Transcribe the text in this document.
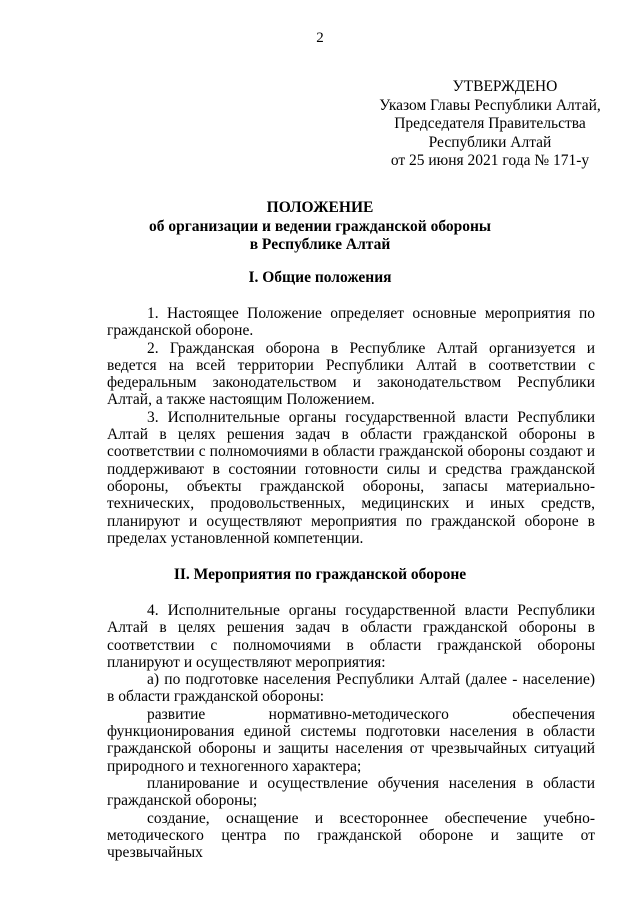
2
УТВЕРЖДЕНО
Указом Главы Республики Алтай,
Председателя Правительства
Республики Алтай
от 25 июня 2021 года № 171-у
ПОЛОЖЕНИЕ
об организации и ведении гражданской обороны
в Республике Алтай
I. Общие положения

1. Настоящее Положение определяет основные мероприятия по гражданской обороне.

2. Гражданская оборона в Республике Алтай организуется и ведется на всей территории Республики Алтай в соответствии с федеральным законодательством и законодательством Республики Алтай, а также настоящим Положением.

3. Исполнительные органы государственной власти Республики Алтай в целях решения задач в области гражданской обороны в соответствии с полномочиями в области гражданской обороны создают и поддерживают в состоянии готовности силы и средства гражданской обороны, объекты гражданской обороны, запасы материально-технических, продовольственных, медицинских и иных средств, планируют и осуществляют мероприятия по гражданской обороне в пределах установленной компетенции.

II. Мероприятия по гражданской обороне

4. Исполнительные органы государственной власти Республики Алтай в целях решения задач в области гражданской обороны в соответствии с полномочиями в области гражданской обороны планируют и осуществляют мероприятия:

а) по подготовке населения Республики Алтай (далее - население) в области гражданской обороны:

развитие нормативно-методического обеспечения функционирования единой системы подготовки населения в области гражданской обороны и защиты населения от чрезвычайных ситуаций природного и техногенного характера;

планирование и осуществление обучения населения в области гражданской обороны;

создание, оснащение и всестороннее обеспечение учебно-методического центра по гражданской обороне и защите от чрезвычайных
